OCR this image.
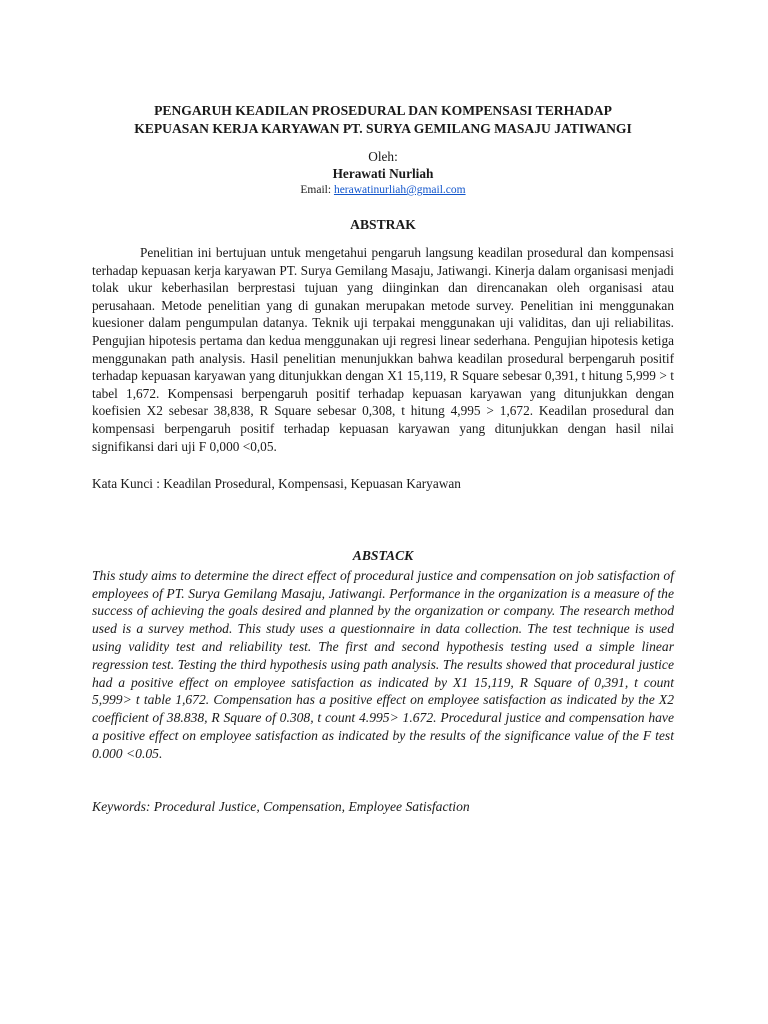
PENGARUH KEADILAN PROSEDURAL DAN KOMPENSASI TERHADAP
KEPUASAN KERJA KARYAWAN PT. SURYA GEMILANG MASAJU JATIWANGI

Oleh:
Herawati Nurliah
Email: herawatinurliah@gmail.com
ABSTRAK

Penelitian ini bertujuan untuk mengetahui pengaruh langsung keadilan prosedural dan kompensasi terhadap kepuasan kerja karyawan PT. Surya Gemilang Masaju, Jatiwangi. Kinerja dalam organisasi menjadi tolak ukur keberhasilan berprestasi tujuan yang diinginkan dan direncanakan oleh organisasi atau perusahaan. Metode penelitian yang di gunakan merupakan metode survey. Penelitian ini menggunakan kuesioner dalam pengumpulan datanya. Teknik uji terpakai menggunakan uji validitas, dan uji reliabilitas. Pengujian hipotesis pertama dan kedua menggunakan uji regresi linear sederhana. Pengujian hipotesis ketiga menggunakan path analysis. Hasil penelitian menunjukkan bahwa keadilan prosedural berpengaruh positif terhadap kepuasan karyawan yang ditunjukkan dengan X1 15,119, R Square sebesar 0,391, t hitung 5,999 > t tabel 1,672. Kompensasi berpengaruh positif terhadap kepuasan karyawan yang ditunjukkan dengan koefisien X2 sebesar 38,838, R Square sebesar 0,308, t hitung 4,995 > 1,672. Keadilan prosedural dan kompensasi berpengaruh positif terhadap kepuasan karyawan yang ditunjukkan dengan hasil nilai signifikansi dari uji F 0,000 <0,05.

Kata Kunci : Keadilan Prosedural, Kompensasi, Kepuasan Karyawan
ABSTACK

This study aims to determine the direct effect of procedural justice and compensation on job satisfaction of employees of PT. Surya Gemilang Masaju, Jatiwangi. Performance in the organization is a measure of the success of achieving the goals desired and planned by the organization or company. The research method used is a survey method. This study uses a questionnaire in data collection. The test technique is used using validity test and reliability test. The first and second hypothesis testing used a simple linear regression test. Testing the third hypothesis using path analysis. The results showed that procedural justice had a positive effect on employee satisfaction as indicated by X1 15,119, R Square of 0,391, t count 5,999> t table 1,672. Compensation has a positive effect on employee satisfaction as indicated by the X2 coefficient of 38.838, R Square of 0.308, t count 4.995> 1.672. Procedural justice and compensation have a positive effect on employee satisfaction as indicated by the results of the significance value of the F test 0.000 <0.05.

Keywords: Procedural Justice, Compensation, Employee Satisfaction
